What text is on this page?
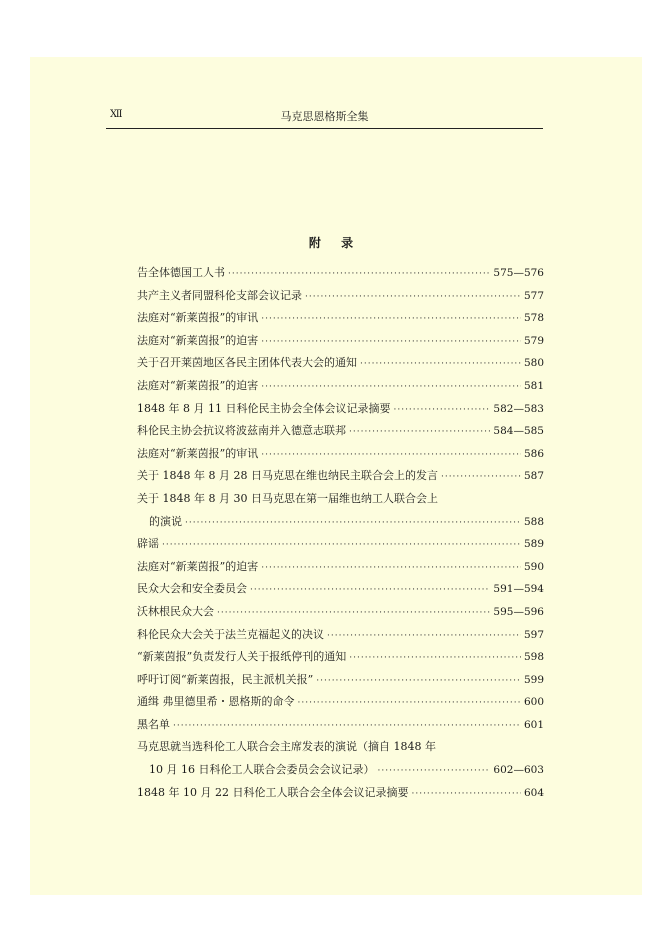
Ⅻ	马克思恩格斯全集
附 录
告全体德国工人书 ·····	575—576
共产主义者同盟科伦支部会议记录 ·····	577
法庭对“新莱茵报”的审讯 ·····	578
法庭对“新莱茵报”的迫害 ·····	579
关于召开莱茵地区各民主团体代表大会的通知 ·····	580
法庭对“新莱茵报”的迫害 ·····	581
1848 年 8 月 11 日科伦民主协会全体会议记录摘要 ·····	582—583
科伦民主协会抗议将波兹南并入德意志联邦 ·····	584—585
法庭对“新莱茵报”的审讯 ·····	586
关于 1848 年 8 月 28 日马克思在维也纳民主联合会上的发言 ·····	587
关于 1848 年 8 月 30 日马克思在第一届维也纳工人联合会上
的演说 ·····	588
辟谣 ·····	589
法庭对“新莱茵报”的迫害 ·····	590
民众大会和安全委员会 ·····	591—594
沃林根民众大会 ·····	595—596
科伦民众大会关于法兰克福起义的决议 ·····	597
“新莱茵报”负责发行人关于报纸停刊的通知 ·····	598
呼吁订阅“新莱茵报，民主派机关报” ·····	599
通缉 弗里德里希・恩格斯的命令 ·····	600
黑名单 ·····	601
马克思就当选科伦工人联合会主席发表的演说（摘自 1848 年
10 月 16 日科伦工人联合会委员会会议记录） ·····	602—603
1848 年 10 月 22 日科伦工人联合会全体会议记录摘要 ·····	604
